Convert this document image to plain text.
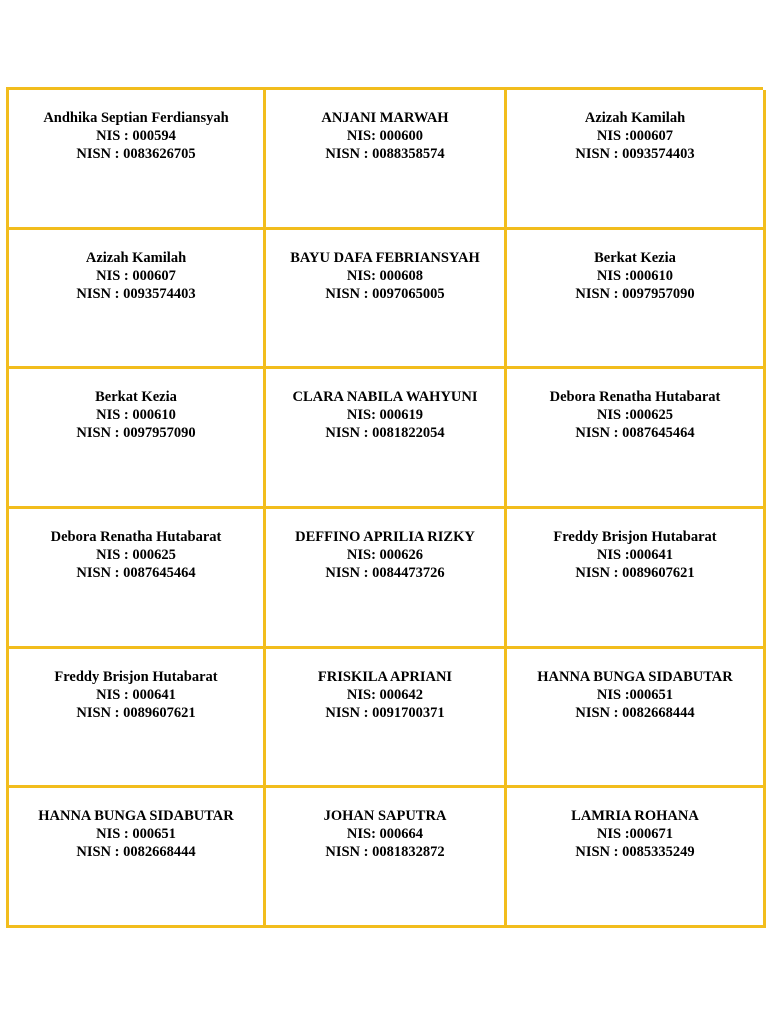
Andhika Septian Ferdiansyah
NIS : 000594
NISN : 0083626705
ANJANI MARWAH
NIS: 000600
NISN : 0088358574
Azizah Kamilah
NIS :000607
NISN : 0093574403
Azizah Kamilah
NIS : 000607
NISN : 0093574403
BAYU DAFA FEBRIANSYAH
NIS: 000608
NISN : 0097065005
Berkat Kezia
NIS :000610
NISN : 0097957090
Berkat Kezia
NIS : 000610
NISN : 0097957090
CLARA NABILA WAHYUNI
NIS: 000619
NISN : 0081822054
Debora Renatha Hutabarat
NIS :000625
NISN : 0087645464
Debora Renatha Hutabarat
NIS : 000625
NISN : 0087645464
DEFFINO APRILIA RIZKY
NIS: 000626
NISN : 0084473726
Freddy Brisjon Hutabarat
NIS :000641
NISN : 0089607621
Freddy Brisjon Hutabarat
NIS : 000641
NISN : 0089607621
FRISKILA APRIANI
NIS: 000642
NISN : 0091700371
HANNA BUNGA SIDABUTAR
NIS :000651
NISN : 0082668444
HANNA BUNGA SIDABUTAR
NIS : 000651
NISN : 0082668444
JOHAN SAPUTRA
NIS: 000664
NISN : 0081832872
LAMRIA ROHANA
NIS :000671
NISN : 0085335249
